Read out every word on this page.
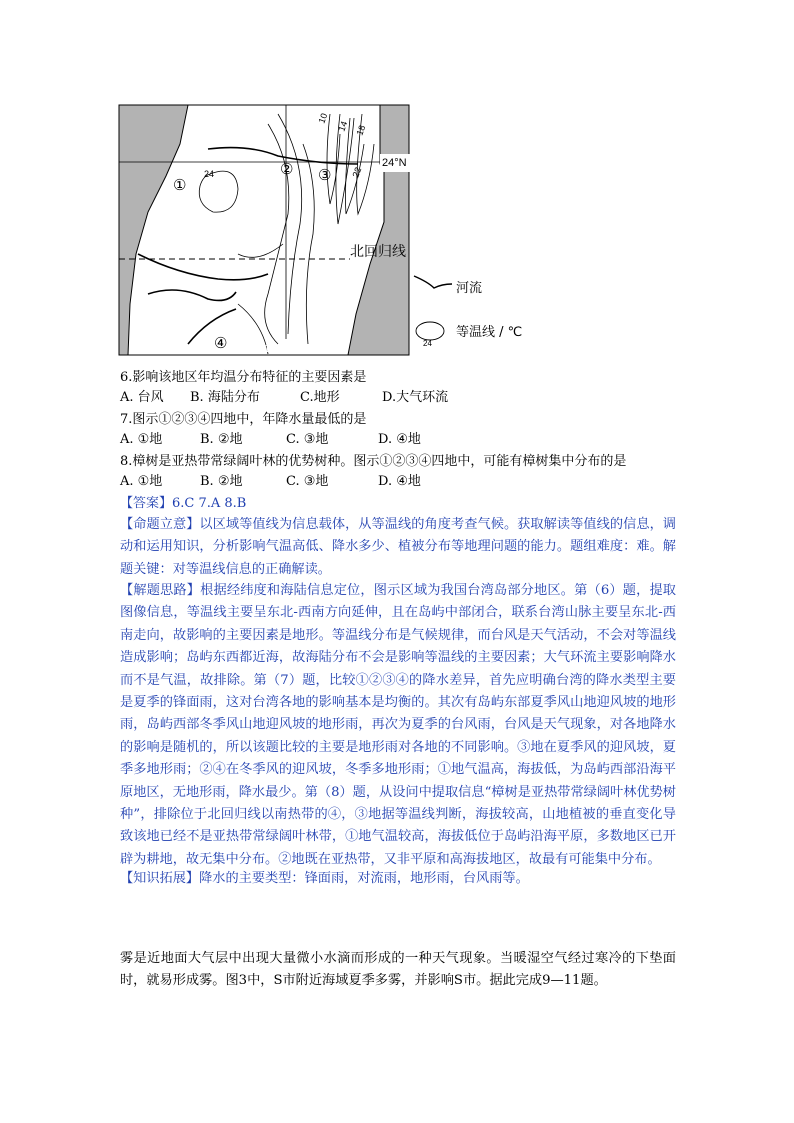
24°N
121°E
北回归线
①
② ③
④
24
10
14 18
22
河流
24
等温线 / ℃
6.影响该地区年均温分布特征的主要因素是
A. 台风 B. 海陆分布	C.地形	D.大气环流
7.图示①②③④四地中，年降水量最低的是
A. ①地	B. ②地	C. ③地	D. ④地
8.樟树是亚热带常绿阔叶林的优势树种。图示①②③④四地中，可能有樟树集中分布的是
A. ①地	B. ②地	C. ③地	D. ④地
【答案】6.C 7.A 8.B

【命题立意】以区域等值线为信息载体，从等温线的角度考查气候。获取解读等值线的信息，调动和运用知识，分析影响气温高低、降水多少、植被分布等地理问题的能力。题组难度：难。解题关键：对等温线信息的正确解读。

【解题思路】根据经纬度和海陆信息定位，图示区域为我国台湾岛部分地区。第（6）题，提取图像信息，等温线主要呈东北-西南方向延伸，且在岛屿中部闭合，联系台湾山脉主要呈东北-西南走向，故影响的主要因素是地形。等温线分布是气候规律，而台风是天气活动，不会对等温线造成影响；岛屿东西都近海，故海陆分布不会是影响等温线的主要因素；大气环流主要影响降水而不是气温，故排除。第（7）题，比较①②③④的降水差异，首先应明确台湾的降水类型主要是夏季的锋面雨，这对台湾各地的影响基本是均衡的。其次有岛屿东部夏季风山地迎风坡的地形雨，岛屿西部冬季风山地迎风坡的地形雨，再次为夏季的台风雨，台风是天气现象，对各地降水的影响是随机的，所以该题比较的主要是地形雨对各地的不同影响。③地在夏季风的迎风坡，夏季多地形雨；②④在冬季风的迎风坡，冬季多地形雨；①地气温高，海拔低，为岛屿西部沿海平原地区，无地形雨，降水最少。第（8）题，从设问中提取信息“樟树是亚热带常绿阔叶林优势树种”，排除位于北回归线以南热带的④，③地据等温线判断，海拔较高，山地植被的垂直变化导致该地已经不是亚热带常绿阔叶林带，①地气温较高，海拔低位于岛屿沿海平原，多数地区已开辟为耕地，故无集中分布。②地既在亚热带，又非平原和高海拔地区，故最有可能集中分布。

【知识拓展】降水的主要类型：锋面雨，对流雨，地形雨，台风雨等。

雾是近地面大气层中出现大量微小水滴而形成的一种天气现象。当暖湿空气经过寒冷的下垫面时，就易形成雾。图3中，S市附近海域夏季多雾，并影响S市。据此完成9—11题。
